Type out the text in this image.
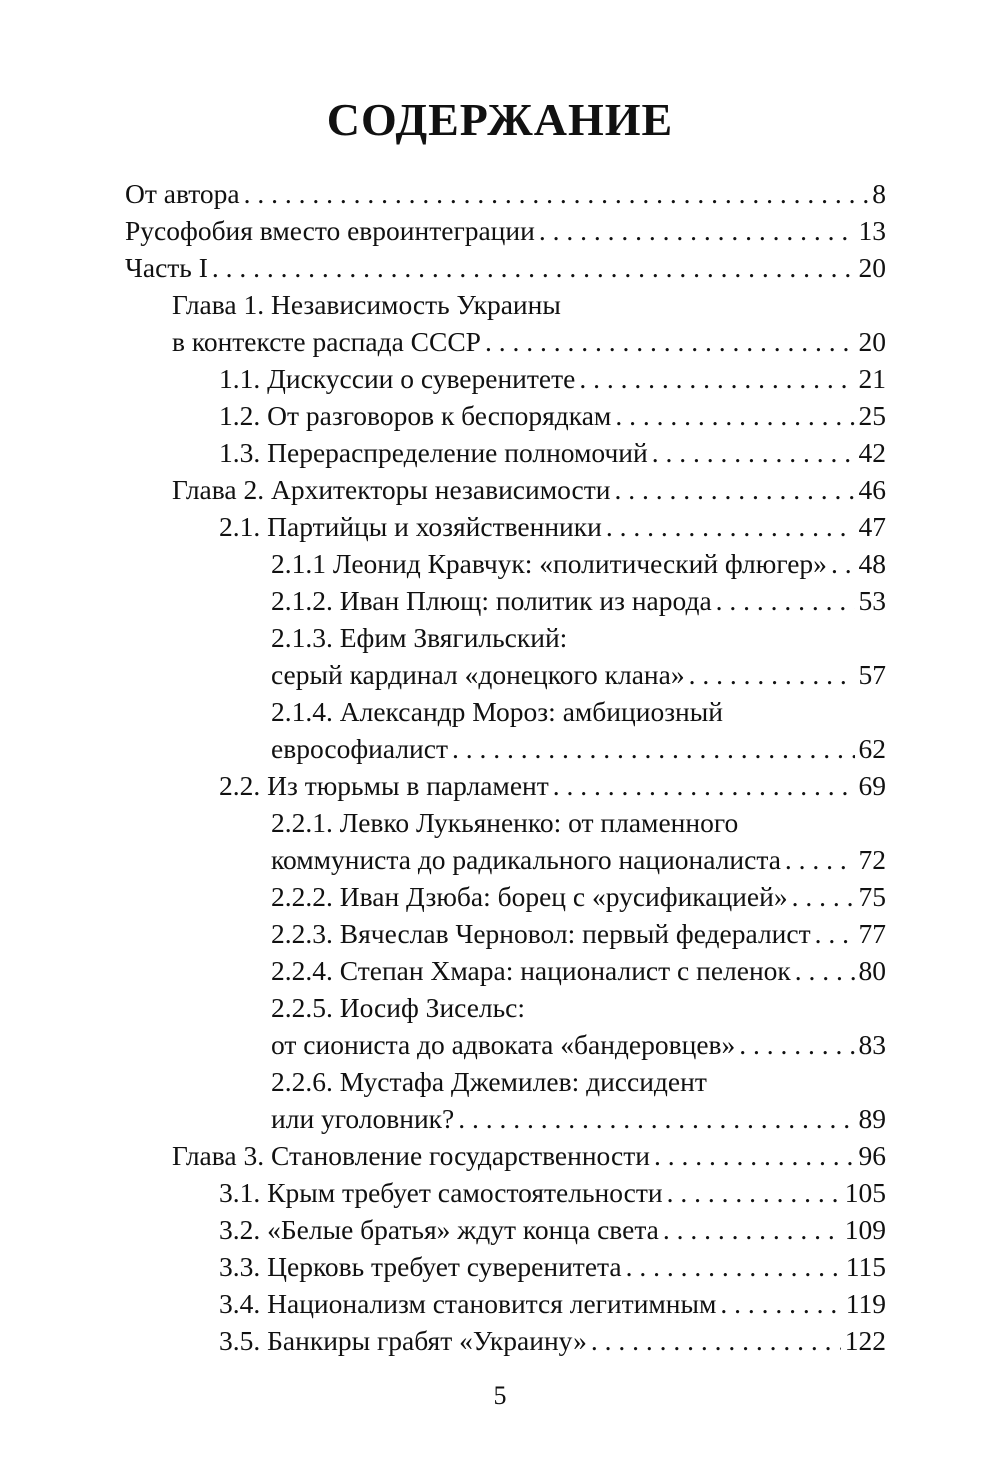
СОДЕРЖАНИЕ
От автора . . .	8
Русофобия вместо евроинтеграции . . .	13
Часть I . . .	20
Глава 1. Независимость Украины
в контексте распада СССР . . .	20
1.1. Дискуссии о суверенитете . . .	21
1.2. От разговоров к беспорядкам . . .	25
1.3. Перераспределение полномочий . . .	42
Глава 2. Архитекторы независимости . . .	46
2.1. Партийцы и хозяйственники . . .	47
2.1.1 Леонид Кравчук: «политический флюгер» . . . 48
2.1.2. Иван Плющ: политик из народа . . .	53
2.1.3. Ефим Звягильский:
серый кардинал «донецкого клана» . . .	57
2.1.4. Александр Мороз: амбициозный
еврософиалист . . .	62
2.2. Из тюрьмы в парламент . . .	69
2.2.1. Левко Лукьяненко: от пламенного
коммуниста до радикального националиста . . .	72
2.2.2. Иван Дзюба: борец с «русификацией» . . .	75
2.2.3. Вячеслав Черновол: первый федералист . . . 77
2.2.4. Степан Хмара: националист с пеленок . . . 80
2.2.5. Иосиф Зисельс:
от сиониста до адвоката «бандеровцев» . . .	83
2.2.6. Мустафа Джемилев: диссидент
или уголовник? . . .	89
Глава 3. Становление государственности . . .	96
3.1. Крым требует самостоятельности . . .	105
3.2. «Белые братья» ждут конца света . . .	109
3.3. Церковь требует суверенитета . . .	115
3.4. Национализм становится легитимным . . .	119
3.5. Банкиры грабят «Украину» . . .	122
5
